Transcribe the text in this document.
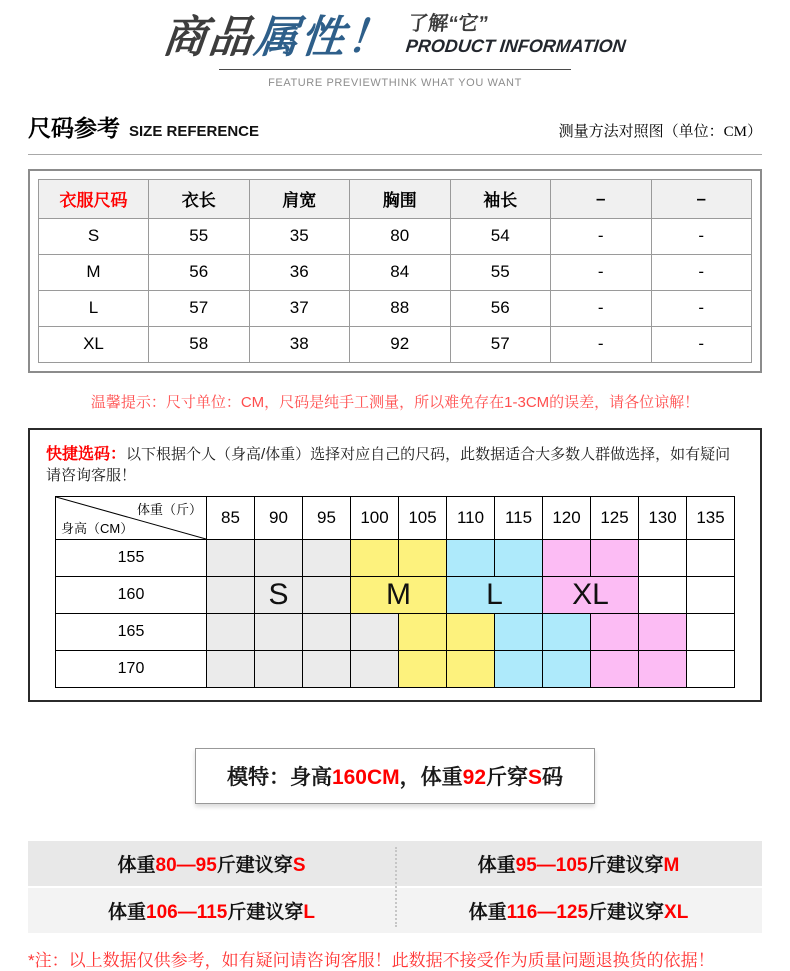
商品属性！ 了解“它”
PRODUCT INFORMATION
FEATURE PREVIEWTHINK WHAT YOU WANT
尺码参考 SIZE REFERENCE	测量方法对照图（单位：CM）
衣服尺码	衣长	肩宽	胸围	袖长	–	–
S	55	35	80	54	-	-
M	56	36	84	55	-	-
L	57	37	88	56	-	-
XL	58	38	92	57	-	-
温馨提示：尺寸单位：CM，尺码是纯手工测量，所以难免存在1-3CM的误差，请各位谅解！
快捷选码：以下根据个人（身高/体重）选择对应自己的尺码，此数据适合大多数人群做选择，如有疑问请咨询客服！
体重（斤）
身高（CM）	85	90	95	100	105	110	115	120	125	130	135
155											
160		S		M		L		XL			
165											
170											
模特：身高160CM，体重92斤穿S码
体重80—95斤建议穿S	体重95—105斤建议穿M
体重106—115斤建议穿L	体重116—125斤建议穿XL
*注：以上数据仅供参考，如有疑问请咨询客服！此数据不接受作为质量问题退换货的依据！
